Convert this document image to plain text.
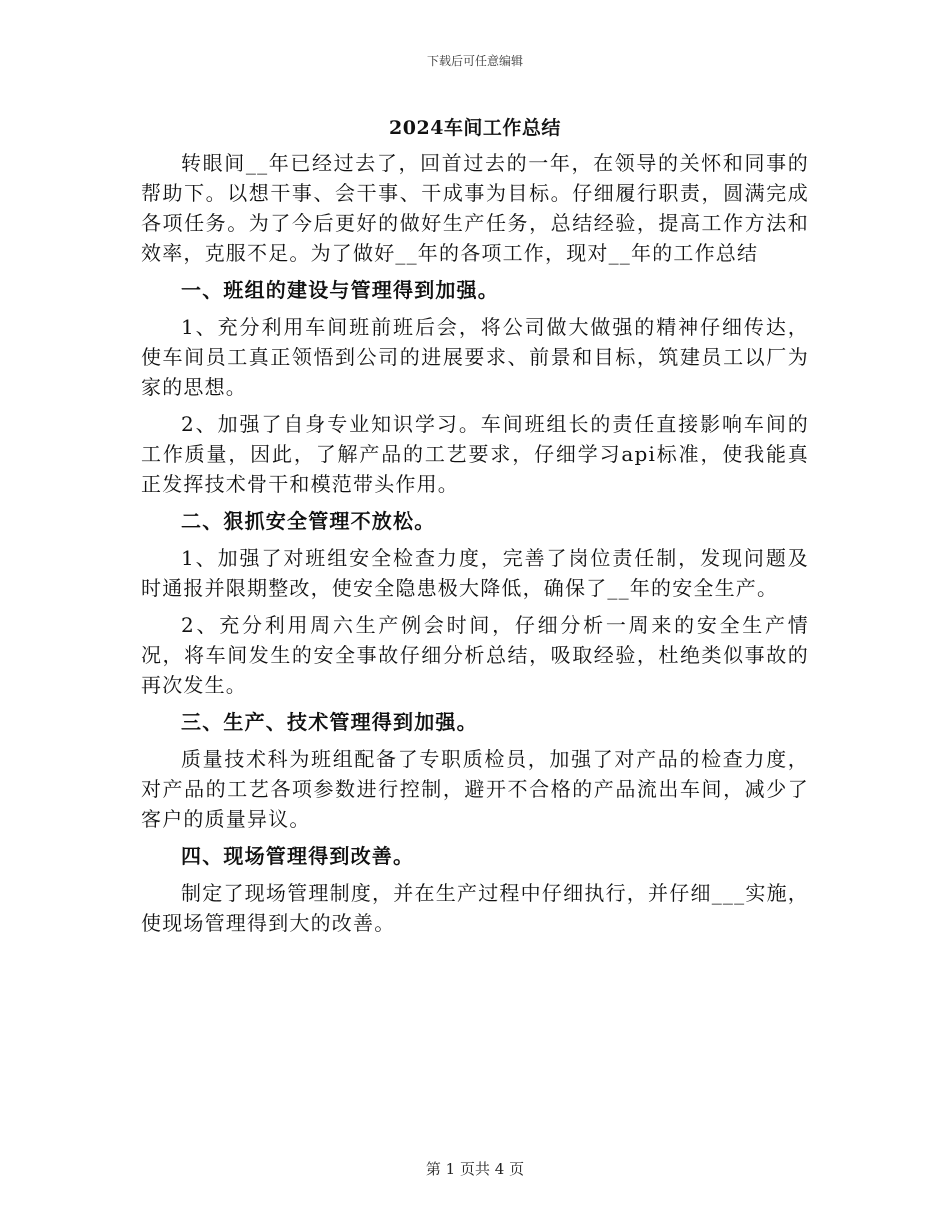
下载后可任意编辑
2024车间工作总结

转眼间__年已经过去了，回首过去的一年，在领导的关怀和同事的帮助下。以想干事、会干事、干成事为目标。仔细履行职责，圆满完成各项任务。为了今后更好的做好生产任务，总结经验，提高工作方法和效率，克服不足。为了做好__年的各项工作，现对__年的工作总结

一、班组的建设与管理得到加强。

1、充分利用车间班前班后会，将公司做大做强的精神仔细传达，使车间员工真正领悟到公司的进展要求、前景和目标，筑建员工以厂为家的思想。

2、加强了自身专业知识学习。车间班组长的责任直接影响车间的工作质量，因此，了解产品的工艺要求，仔细学习api标准，使我能真正发挥技术骨干和模范带头作用。

二、狠抓安全管理不放松。

1、加强了对班组安全检查力度，完善了岗位责任制，发现问题及时通报并限期整改，使安全隐患极大降低，确保了__年的安全生产。

2、充分利用周六生产例会时间，仔细分析一周来的安全生产情况，将车间发生的安全事故仔细分析总结，吸取经验，杜绝类似事故的再次发生。

三、生产、技术管理得到加强。

质量技术科为班组配备了专职质检员，加强了对产品的检查力度，对产品的工艺各项参数进行控制，避开不合格的产品流出车间，减少了客户的质量异议。

四、现场管理得到改善。

制定了现场管理制度，并在生产过程中仔细执行，并仔细___实施，使现场管理得到大的改善。

第 1 页共 4 页
